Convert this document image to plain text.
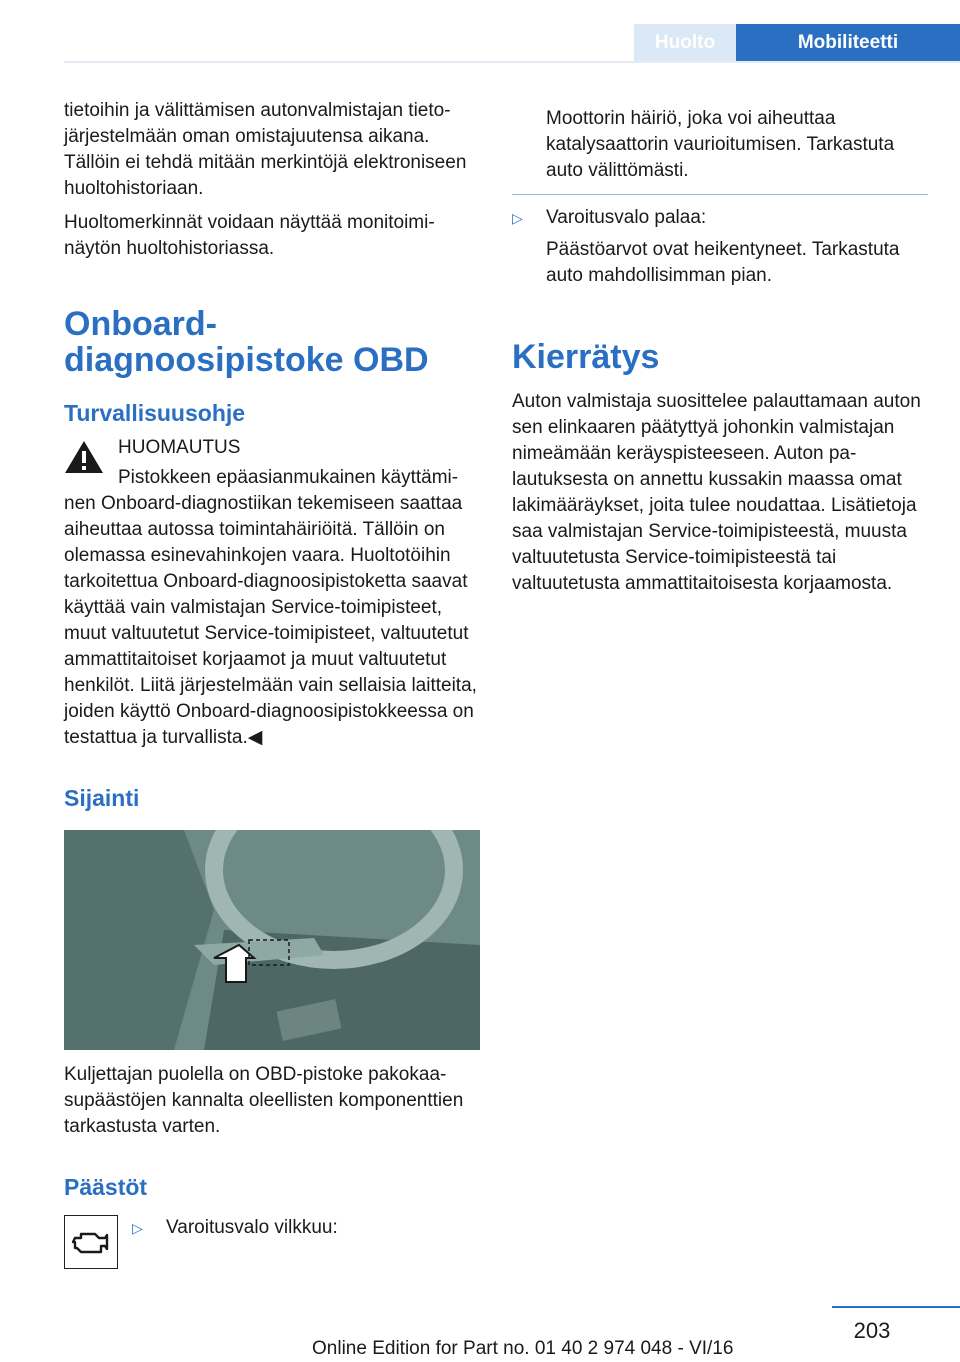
Huolto	Mobiliteetti

tietoihin ja välittämisen autonvalmistajan tietojärjestelmään oman omistajuutensa aikana. Tällöin ei tehdä mitään merkintöjä elektroniseen huoltohistoriaan.

Huoltomerkinnät voidaan näyttää monitoiminäytön huoltohistoriassa.

Onboard-diagnoosipistoke OBD
Turvallisuusohje

HUOMAUTUS

Pistokkeen epäasianmukainen käyttäminen Onboard-diagnostiikan tekemiseen saattaa aiheuttaa autossa toimintahäiriöitä. Tällöin on olemassa esinevahinkojen vaara. Huoltotöihin tarkoitettua Onboard-diagnoosipistoketta saavat käyttää vain valmistajan Service-toimipisteet, muut valtuutetut Service-toimipisteet, valtuutetut ammattitaitoiset korjaamot ja muut valtuutetut henkilöt. Liitä järjestelmään vain sellaisia laitteita, joiden käyttö Onboard-diagnoosipistokkeessa on testattua ja turvallista.◀

Sijainti

Kuljettajan puolella on OBD-pistoke pakokaasupäästöjen kannalta oleellisten komponenttien tarkastusta varten.

Päästöt
▷	Varoitusvalo vilkkuu:

Moottorin häiriö, joka voi aiheuttaa katalysaattorin vaurioitumisen. Tarkastuta auto välittömästi.

▷	Varoitusvalo palaa:

Päästöarvot ovat heikentyneet. Tarkastuta auto mahdollisimman pian.

Kierrätys

Auton valmistaja suosittelee palauttamaan auton sen elinkaaren päätyttyä johonkin valmistajan nimeämään keräyspisteeseen. Auton palautuksesta on annettu kussakin maassa omat lakimääräykset, joita tulee noudattaa. Lisätietoja saa valmistajan Service-toimipisteestä, muusta valtuutetusta Service-toimipisteestä tai valtuutetusta ammattitaitoisesta korjaamosta.

203
Online Edition for Part no. 01 40 2 974 048 - VI/16
